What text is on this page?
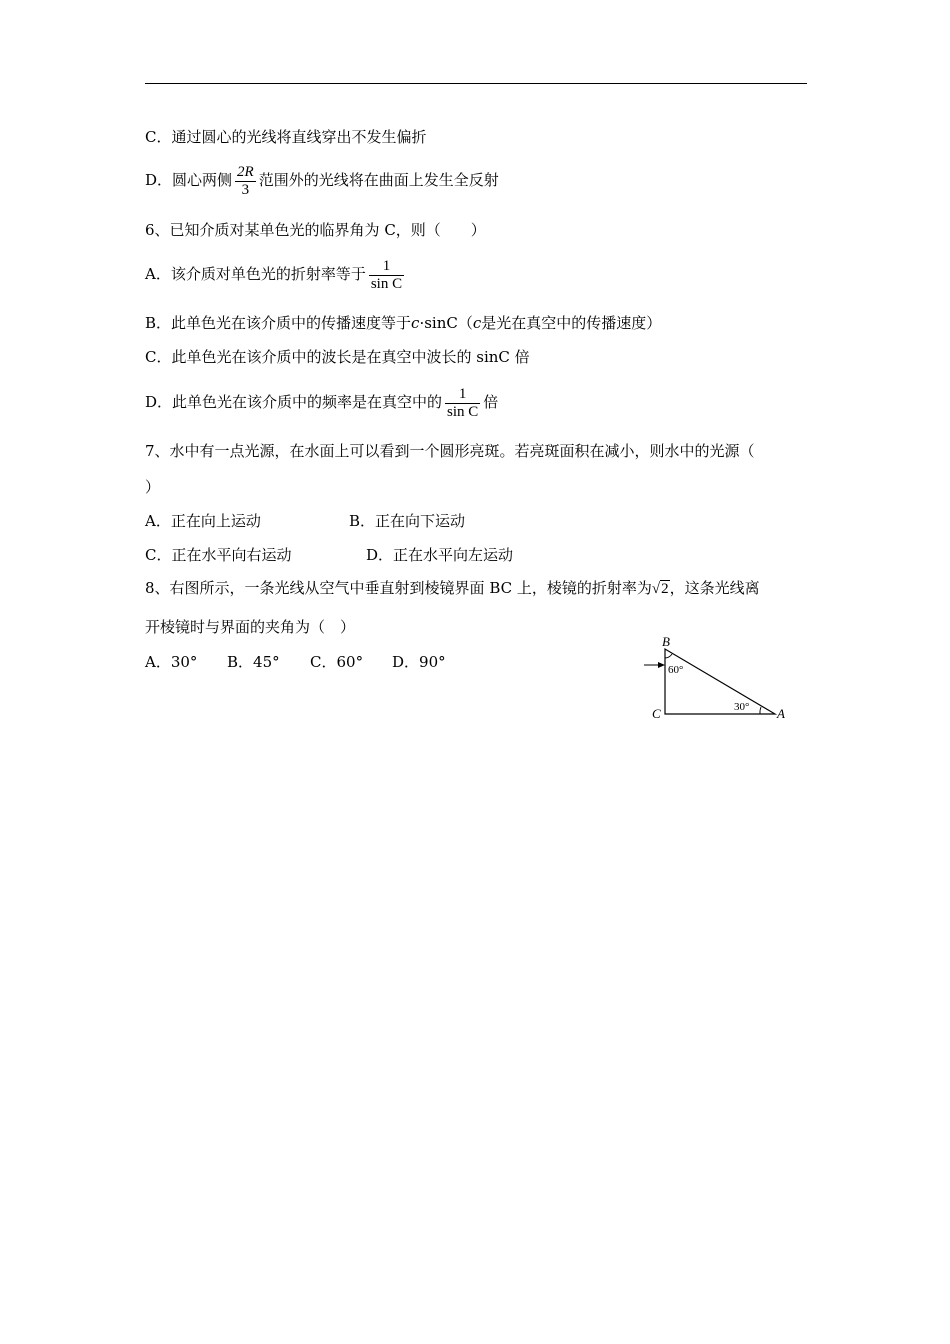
C．通过圆心的光线将直线穿出不发生偏折
D．圆心两侧 $\frac{2R}{3}$ 范围外的光线将在曲面上发生全反射
6、已知介质对某单色光的临界角为 C，则（　　）
A．该介质对单色光的折射率等于 $\frac{1}{\text{sin C}}$
B．此单色光在该介质中的传播速度等于c·sinC（c是光在真空中的传播速度）
C．此单色光在该介质中的波长是在真空中波长的 sinC 倍
D．此单色光在该介质中的频率是在真空中的 $\frac{1}{\text{sin C}}$ 倍
7、水中有一点光源，在水面上可以看到一个圆形亮斑。若亮斑面积在减小，则水中的光源（
）
A．正在向上运动	B．正在向下运动
C．正在水平向右运动	D．正在水平向左运动
8、右图所示，一条光线从空气中垂直射到棱镜界面 BC 上，棱镜的折射率为√2，这条光线离
开棱镜时与界面的夹角为（　）
A．30° B．45° C．60° D．90°
B
C	A
60°
30°
